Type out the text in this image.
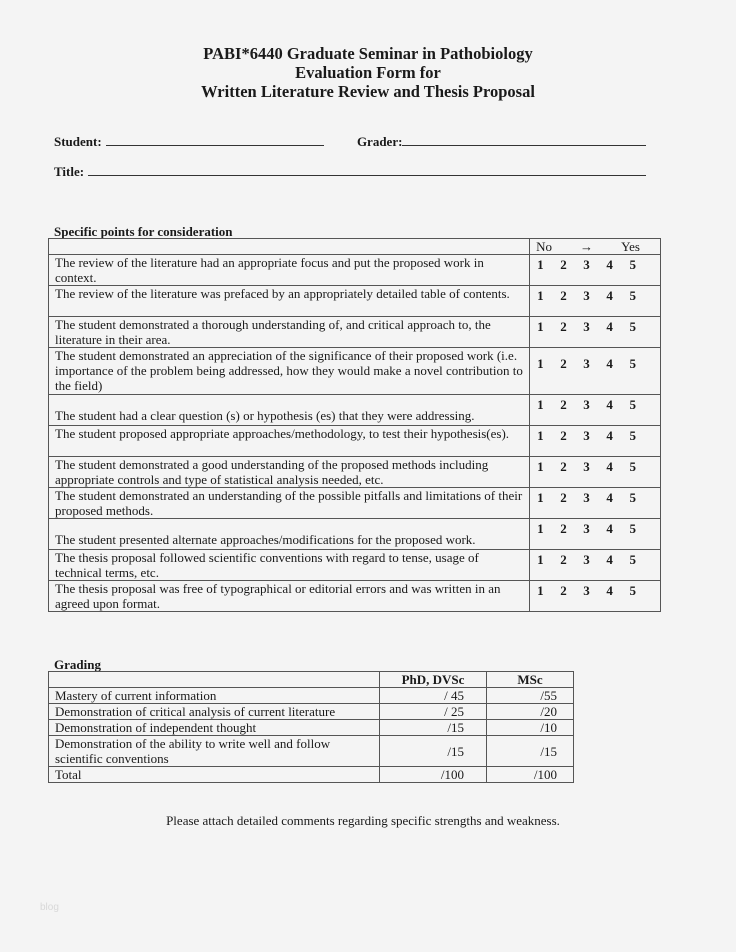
PABI*6440 Graduate Seminar in Pathobiology
Evaluation Form for
Written Literature Review and Thesis Proposal
Student:	Grader:
Title:
Specific points for consideration

	No → Yes

The review of the literature had an appropriate focus and put the proposed work in context.	1 2 3 4 5

The review of the literature was prefaced by an appropriately detailed table of contents.	1 2 3 4 5

The student demonstrated a thorough understanding of, and critical approach to, the literature in their area.	1 2 3 4 5

The student demonstrated an appreciation of the significance of their proposed work (i.e. importance of the problem being addressed, how they would make a novel contribution to the field)	1 2 3 4 5

The student had a clear question (s) or hypothesis (es) that they were addressing.	1 2 3 4 5

The student proposed appropriate approaches/methodology, to test their hypothesis(es).	1 2 3 4 5

The student demonstrated a good understanding of the proposed methods including appropriate controls and type of statistical analysis needed, etc.	1 2 3 4 5

The student demonstrated an understanding of the possible pitfalls and limitations of their proposed methods.	1 2 3 4 5

The student presented alternate approaches/modifications for the proposed work.	1 2 3 4 5

The thesis proposal followed scientific conventions with regard to tense, usage of technical terms, etc.	1 2 3 4 5

The thesis proposal was free of typographical or editorial errors and was written in an agreed upon format.	1 2 3 4 5
Grading
	PhD, DVSc	MSc
Mastery of current information	/ 45	/55
Demonstration of critical analysis of current literature	/ 25	/20
Demonstration of independent thought	/15	/10
Demonstration of the ability to write well and follow scientific conventions	/15	/15
Total	/100	/100
Please attach detailed comments regarding specific strengths and weakness.
blog
